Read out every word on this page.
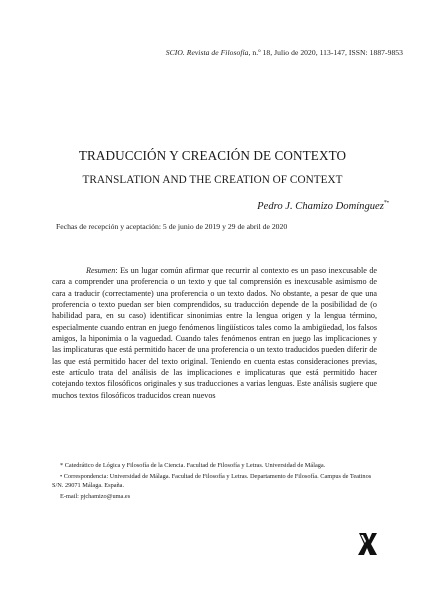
SCIO. Revista de Filosofía, n.º 18, Julio de 2020, 113-147, ISSN: 1887-9853
TRADUCCIÓN Y CREACIÓN DE CONTEXTO
TRANSLATION AND THE CREATION OF CONTEXT
Pedro J. Chamizo Domínguez*•
Fechas de recepción y aceptación: 5 de junio de 2019 y 29 de abril de 2020

Resumen: Es un lugar común afirmar que recurrir al contexto es un paso inexcusable de cara a comprender una proferencia o un texto y que tal comprensión es inexcusable asimismo de cara a traducir (correctamente) una proferencia o un texto dados. No obstante, a pesar de que una proferencia o texto puedan ser bien comprendidos, su traducción depende de la posibilidad de (o habilidad para, en su caso) identificar sinonimias entre la lengua origen y la lengua término, especialmente cuando entran en juego fenómenos lingüísticos tales como la ambigüedad, los falsos amigos, la hiponimia o la vaguedad. Cuando tales fenómenos entran en juego las implicaciones y las implicaturas que está permitido hacer de una proferencia o un texto traducidos pueden diferir de las que está permitido hacer del texto original. Teniendo en cuenta estas consideraciones previas, este artículo trata del análisis de las implicaciones e implicaturas que está permitido hacer cotejando textos filosóficos originales y sus traducciones a varias lenguas. Este análisis sugiere que muchos textos filosóficos traducidos crean nuevos

* Catedrático de Lógica y Filosofía de la Ciencia. Facultad de Filosofía y Letras. Universidad de Málaga.

• Correspondencia: Universidad de Málaga. Facultad de Filosofía y Letras. Departamento de Filosofía. Campus de Teatinos S/N. 29071 Málaga. España.

E-mail: pjchamizo@uma.es
